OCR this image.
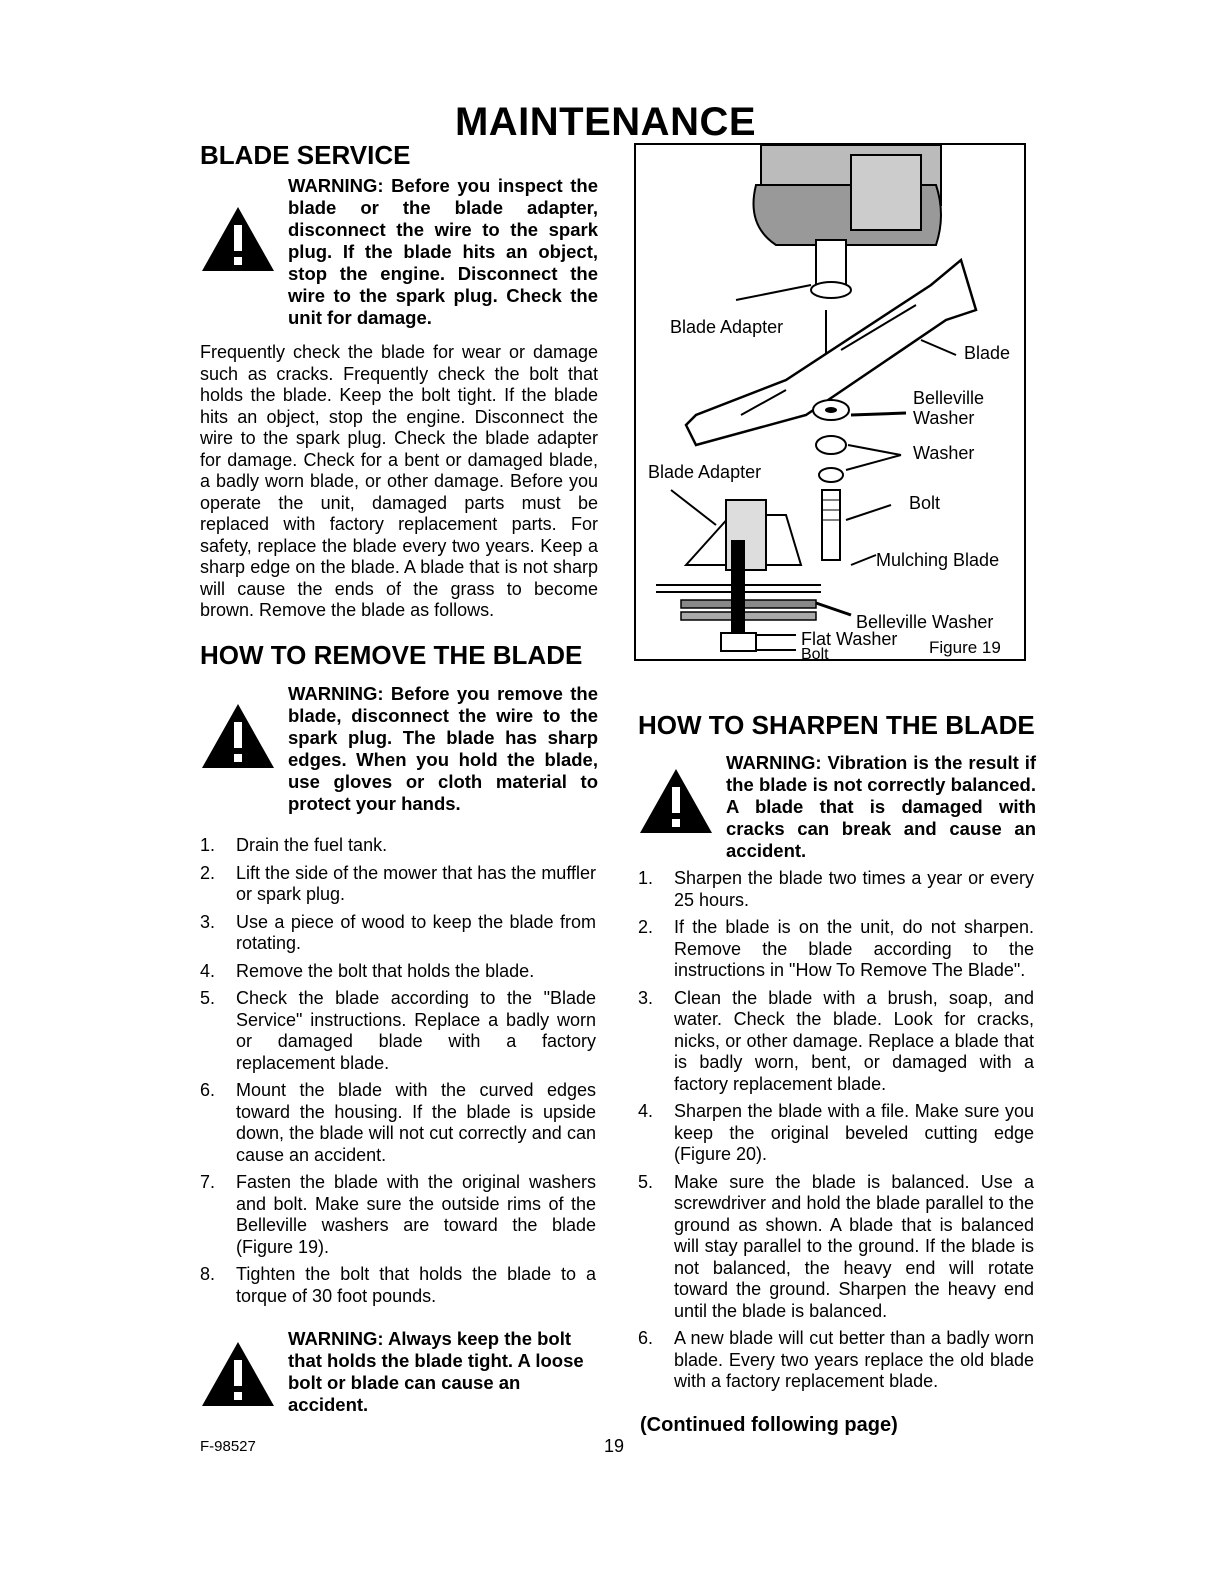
MAINTENANCE
BLADE SERVICE
WARNING: Before you inspect the blade or the blade adapter, disconnect the wire to the spark plug. If the blade hits an object, stop the engine. Disconnect the wire to the spark plug. Check the unit for damage.
Frequently check the blade for wear or damage such as cracks. Frequently check the bolt that holds the blade. Keep the bolt tight. If the blade hits an object, stop the engine. Disconnect the wire to the spark plug. Check the blade adapter for damage. Check for a bent or damaged blade, a badly worn blade, or other damage. Before you operate the unit, damaged parts must be replaced with factory replacement parts. For safety, replace the blade every two years. Keep a sharp edge on the blade. A blade that is not sharp will cause the ends of the grass to become brown. Remove the blade as follows.
HOW TO REMOVE THE BLADE
WARNING: Before you remove the blade, disconnect the wire to the spark plug. The blade has sharp edges. When you hold the blade, use gloves or cloth material to protect your hands.
1. Drain the fuel tank.
2. Lift the side of the mower that has the muffler or spark plug.
3. Use a piece of wood to keep the blade from rotating.
4. Remove the bolt that holds the blade.
5. Check the blade according to the "Blade Service" instructions. Replace a badly worn or damaged blade with a factory replacement blade.
6. Mount the blade with the curved edges toward the housing. If the blade is upside down, the blade will not cut correctly and can cause an accident.
7. Fasten the blade with the original washers and bolt. Make sure the outside rims of the Belleville washers are toward the blade (Figure 19).
8. Tighten the bolt that holds the blade to a torque of 30 foot pounds.
WARNING: Always keep the bolt that holds the blade tight. A loose bolt or blade can cause an accident.
F-98527	19
Blade Adapter
Blade
Belleville
Washer
Washer
Blade Adapter
Bolt
Mulching Blade
Belleville Washer
Flat Washer
Bolt	Figure 19
HOW TO SHARPEN THE BLADE
WARNING: Vibration is the result if the blade is not correctly balanced. A blade that is damaged with cracks can break and cause an accident.
1. Sharpen the blade two times a year or every 25 hours.
2. If the blade is on the unit, do not sharpen. Remove the blade according to the instructions in "How To Remove The Blade".
3. Clean the blade with a brush, soap, and water. Check the blade. Look for cracks, nicks, or other damage. Replace a blade that is badly worn, bent, or damaged with a factory replacement blade.
4. Sharpen the blade with a file. Make sure you keep the original beveled cutting edge (Figure 20).
5. Make sure the blade is balanced. Use a screwdriver and hold the blade parallel to the ground as shown. A blade that is balanced will stay parallel to the ground. If the blade is not balanced, the heavy end will rotate toward the ground. Sharpen the heavy end until the blade is balanced.
6. A new blade will cut better than a badly worn blade. Every two years replace the old blade with a factory replacement blade.
(Continued following page)
